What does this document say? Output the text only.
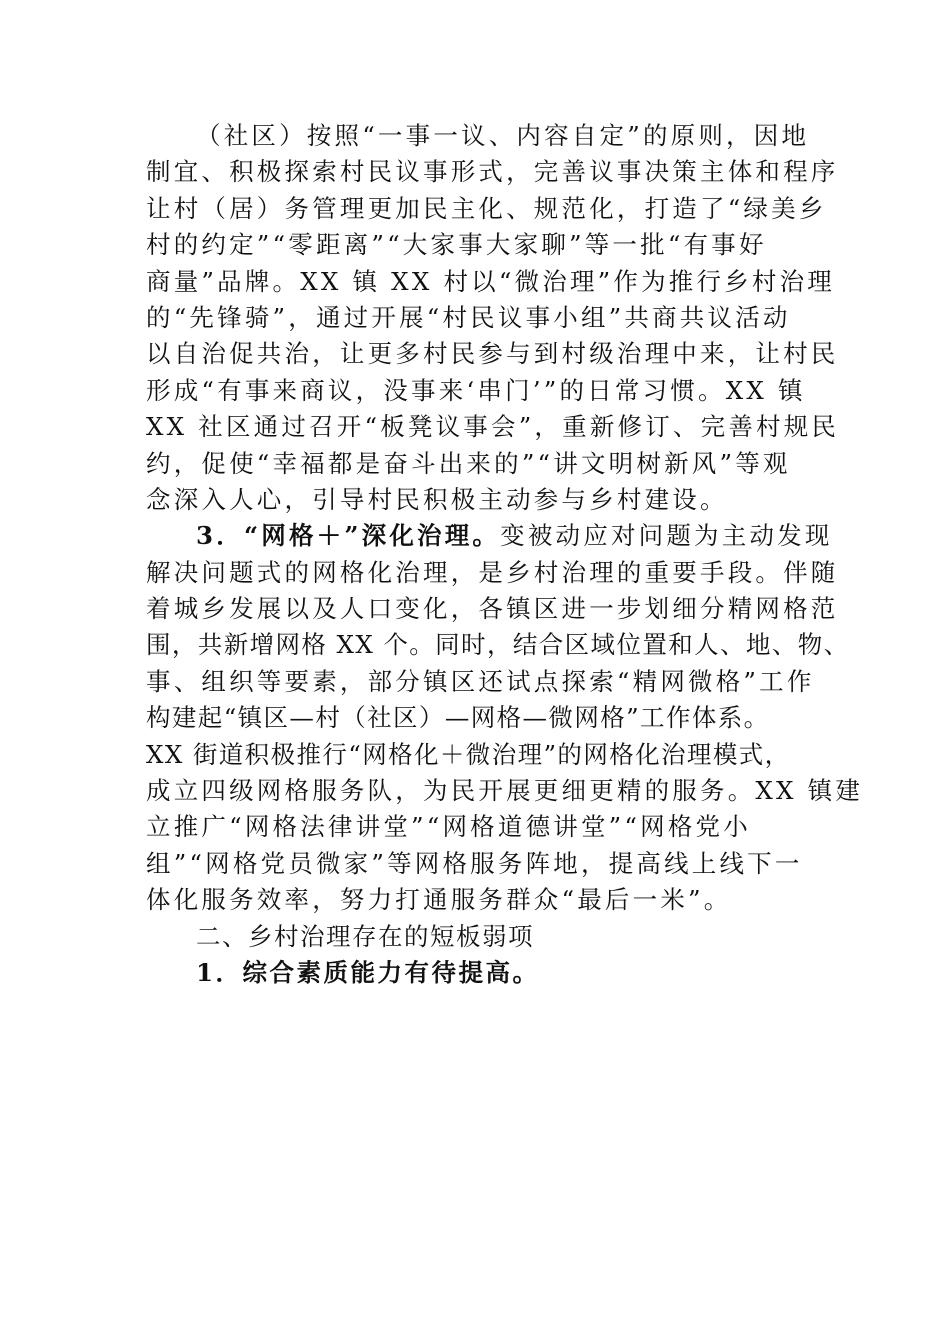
（社区）按照“一事一议、内容自定”的原则，因地
制宜、积极探索村民议事形式，完善议事决策主体和程序
让村（居）务管理更加民主化、规范化，打造了“绿美乡
村的约定”“零距离”“大家事大家聊”等一批“有事好
商量”品牌。XX 镇 XX 村以“微治理”作为推行乡村治理
的“先锋骑”，通过开展“村民议事小组”共商共议活动
以自治促共治，让更多村民参与到村级治理中来，让村民
形成“有事来商议，没事来‘串门’”的日常习惯。XX 镇
XX 社区通过召开“板凳议事会”，重新修订、完善村规民
约，促使“幸福都是奋斗出来的”“讲文明树新风”等观
念深入人心，引导村民积极主动参与乡村建设。
3．“网格＋”深化治理。变被动应对问题为主动发现
解决问题式的网格化治理，是乡村治理的重要手段。伴随
着城乡发展以及人口变化，各镇区进一步划细分精网格范
围，共新增网格 XX 个。同时，结合区域位置和人、地、物、
事、组织等要素，部分镇区还试点探索“精网微格”工作
构建起“镇区—村（社区）—网格—微网格”工作体系。
XX 街道积极推行“网格化＋微治理”的网格化治理模式，
成立四级网格服务队，为民开展更细更精的服务。XX 镇建
立推广“网格法律讲堂”“网格道德讲堂”“网格党小
组”“网格党员微家”等网格服务阵地，提高线上线下一
体化服务效率，努力打通服务群众“最后一米”。
二、乡村治理存在的短板弱项
1．综合素质能力有待提高。
